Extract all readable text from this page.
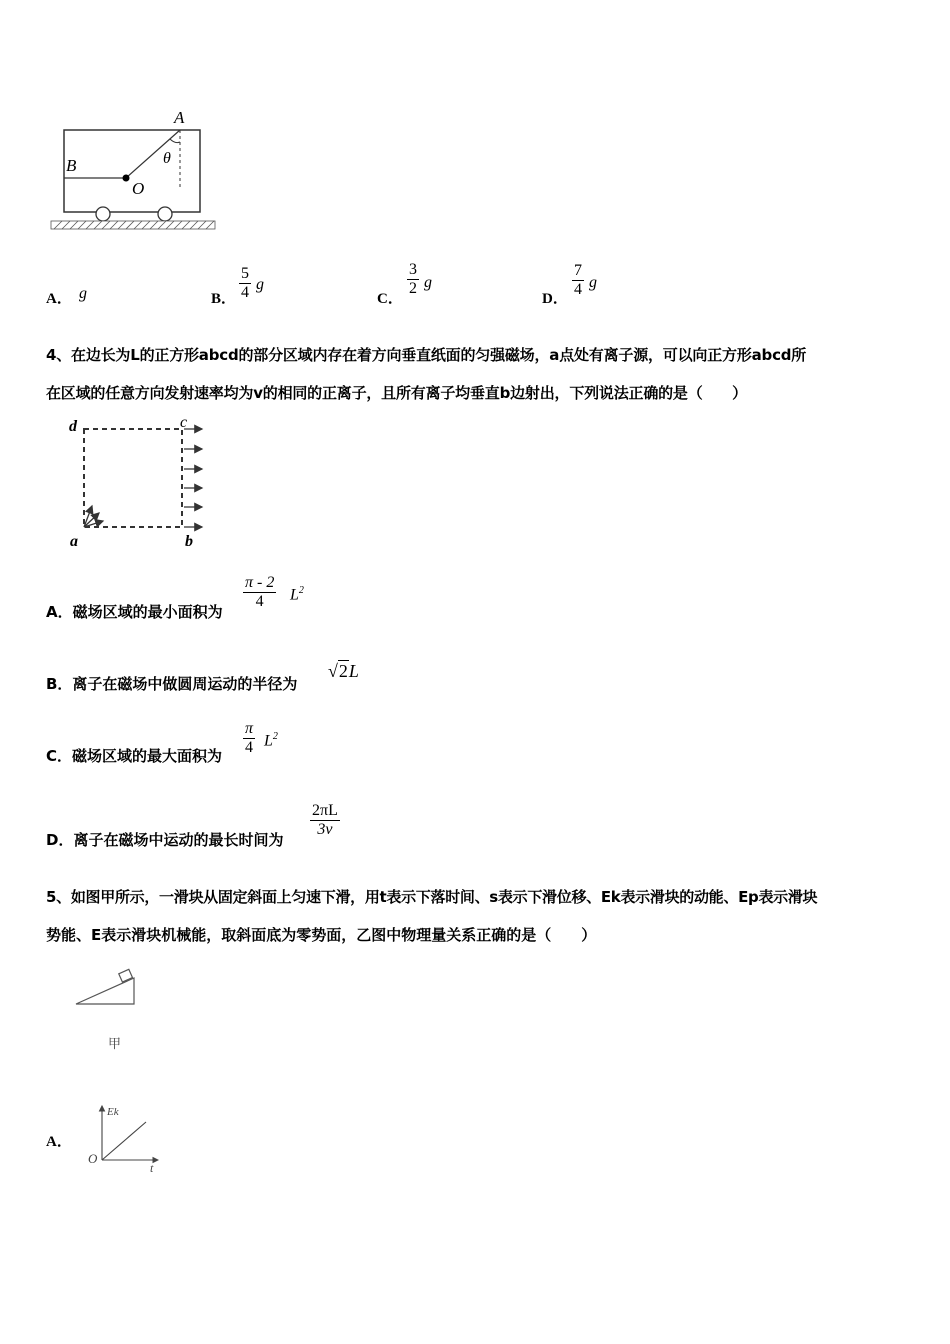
A
B
O
θ
A． g	B．
5
4 g
C．
3
2 g
D．
7
4 g
4、在边长为L的正方形abcd的部分区域内存在着方向垂直纸面的匀强磁场，a点处有离子源，可以向正方形abcd所
在区域的任意方向发射速率均为v的相同的正离子，且所有离子均垂直b边射出，下列说法正确的是（　　）
d	c
a	b
A．磁场区域的最小面积为
π - 2
4 $L^2$
B．离子在磁场中做圆周运动的半径为
√2L
C．磁场区域的最大面积为
π
4 $L^2$
D．离子在磁场中运动的最长时间为
2πL
3v
5、如图甲所示，一滑块从固定斜面上匀速下滑，用t表示下落时间、s表示下滑位移、Ek表示滑块的动能、Ep表示滑块
势能、E表示滑块机械能，取斜面底为零势面，乙图中物理量关系正确的是（　　）
甲
A．
Ek
t
O
